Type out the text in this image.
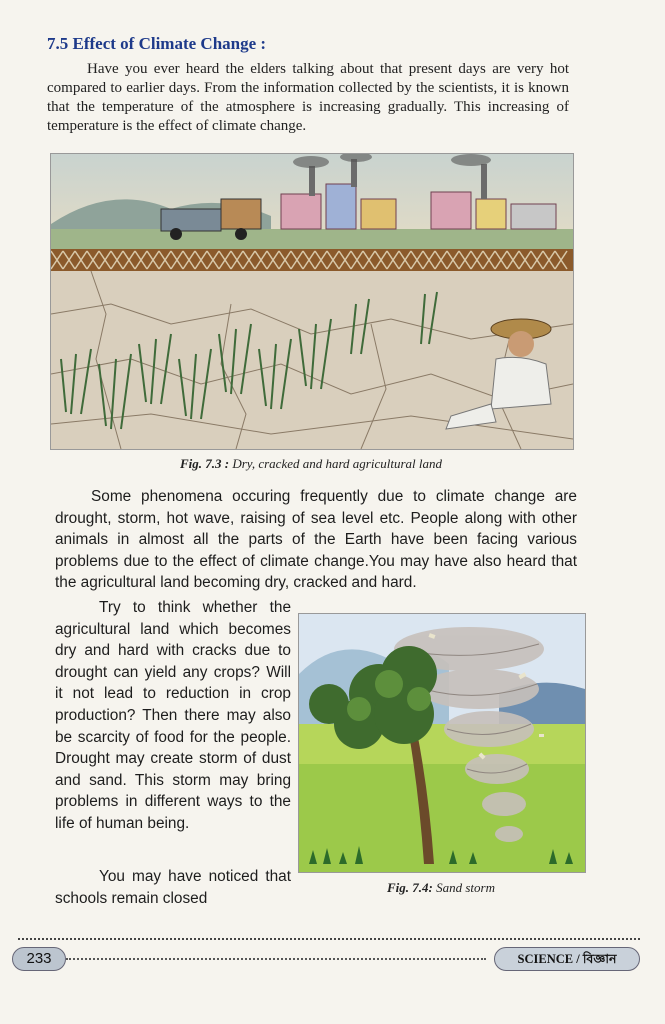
7.5 Effect of Climate Change :

Have you ever heard the elders talking about that present days are very hot compared to earlier days. From the information collected by the scientists, it is known that the temperature of the atmosphere is increasing gradually. This increasing of temperature is the effect of climate change.

Fig. 7.3 : Dry, cracked and hard agricultural land

Some phenomena occuring frequently due to climate change are drought, storm, hot wave, raising of sea level etc. People along with other animals in almost all the parts of the Earth have been facing various problems due to the effect of climate change.You may have also heard that the agricultural land becoming dry, cracked and hard.

Try to think whether the agricultural land which becomes dry and hard with cracks due to drought can yield any crops? Will it not lead to reduction in crop production? Then there may also be scarcity of food for the people. Drought may create storm of dust and sand. This storm may bring problems in different ways to the life of human being.

You may have noticed that schools remain closed

Fig. 7.4: Sand storm

233	SCIENCE / বিজ্ঞান
